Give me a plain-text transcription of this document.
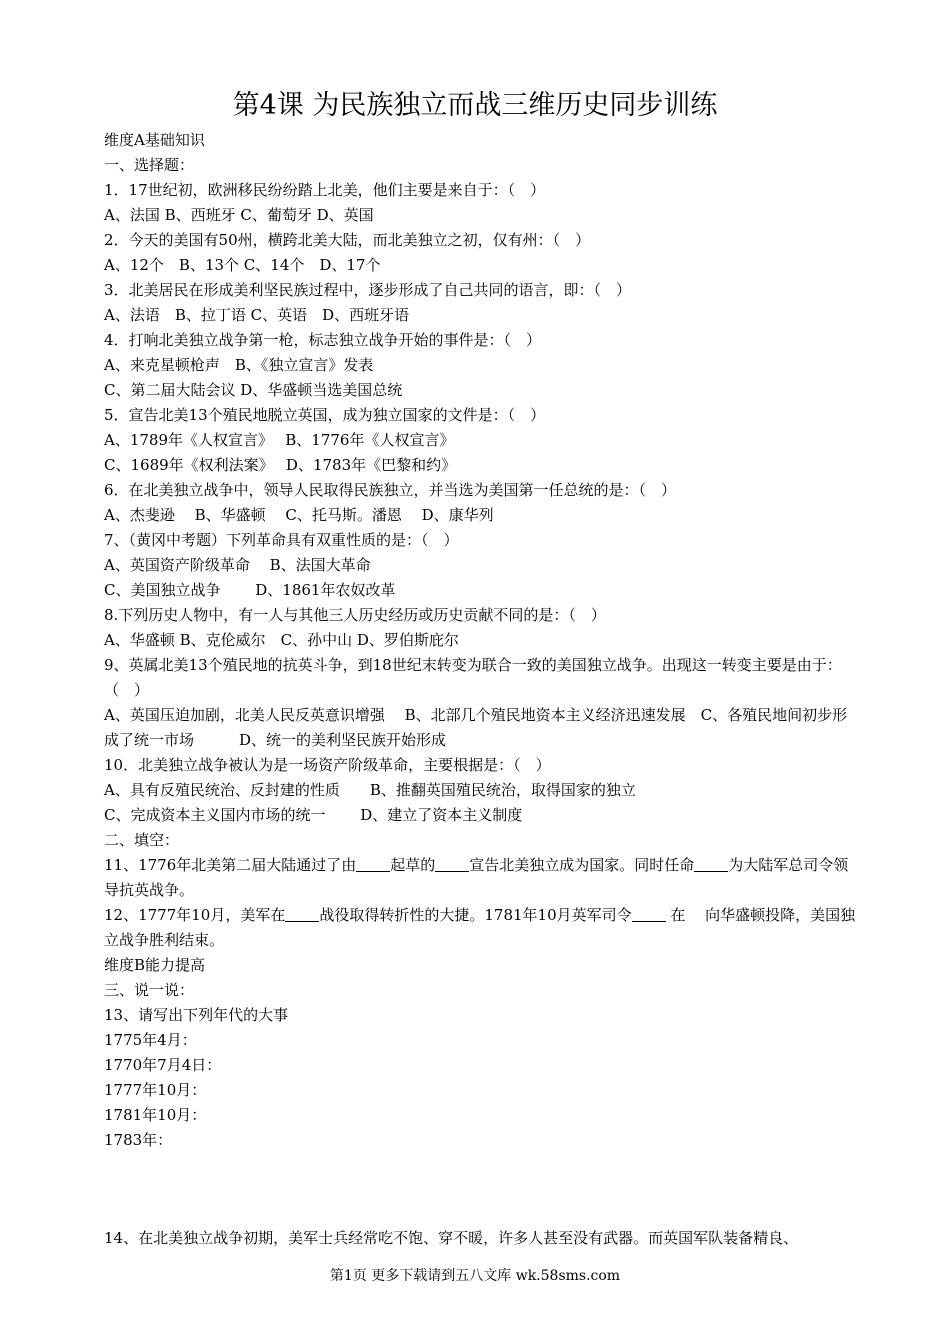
第4课 为民族独立而战三维历史同步训练
维度A基础知识
一、选择题：
1．17世纪初，欧洲移民纷纷踏上北美，他们主要是来自于：（　）
A、法国 B、西班牙 C、葡萄牙 D、英国
2．今天的美国有50州，横跨北美大陆，而北美独立之初，仅有州：（　）
A、12个　B、13个 C、14个　D、17个
3．北美居民在形成美利坚民族过程中，逐步形成了自己共同的语言，即：（　）
A、法语　B、拉丁语 C、英语　D、西班牙语
4．打响北美独立战争第一枪，标志独立战争开始的事件是：（　）
A、来克星顿枪声　B、《独立宣言》发表
C、第二届大陆会议 D、华盛顿当选美国总统
5．宣告北美13个殖民地脱立英国，成为独立国家的文件是：（　）
A、1789年《人权宣言》　 B、1776年《人权宣言》
C、1689年《权利法案》　 D、1783年《巴黎和约》
6．在北美独立战争中，领导人民取得民族独立，并当选为美国第一任总统的是：（　）
A、杰斐逊　 B、华盛顿　 C、托马斯。潘恩　 D、康华列
7、（黄冈中考题）下列革命具有双重性质的是：（　）
A、英国资产阶级革命　 B、法国大革命
C、美国独立战争　　 D、1861年农奴改革
8.下列历史人物中，有一人与其他三人历史经历或历史贡献不同的是：（　）
A、华盛顿 B、克伦威尔　C、孙中山 D、罗伯斯庇尔
9、英属北美13个殖民地的抗英斗争，到18世纪末转变为联合一致的美国独立战争。出现这一转变主要是由于：（　）
A、英国压迫加剧，北美人民反英意识增强　 B、北部几个殖民地资本主义经济迅速发展　C、各殖民地间初步形成了统一市场　　　D、统一的美利坚民族开始形成
10．北美独立战争被认为是一场资产阶级革命，主要根据是：（　）
A、具有反殖民统治、反封建的性质　　B、推翻英国殖民统治，取得国家的独立
C、完成资本主义国内市场的统一　　 D、建立了资本主义制度
二、填空：
11、1776年北美第二届大陆通过了由 起草的 宣告北美独立成为国家。同时任命 为大陆军总司令领导抗英战争。
12、1777年10月，美军在 战役取得转折性的大捷。1781年10月英军司令 在　 向华盛顿投降，美国独立战争胜利结束。
维度B能力提高
三、说一说：
13、请写出下列年代的大事
1775年4月：
1770年7月4日：
1777年10月：
1781年10月：
1783年：
14、在北美独立战争初期，美军士兵经常吃不饱、穿不暖，许多人甚至没有武器。而英国军队装备精良、
第1页 更多下载请到五八文库 wk.58sms.com
